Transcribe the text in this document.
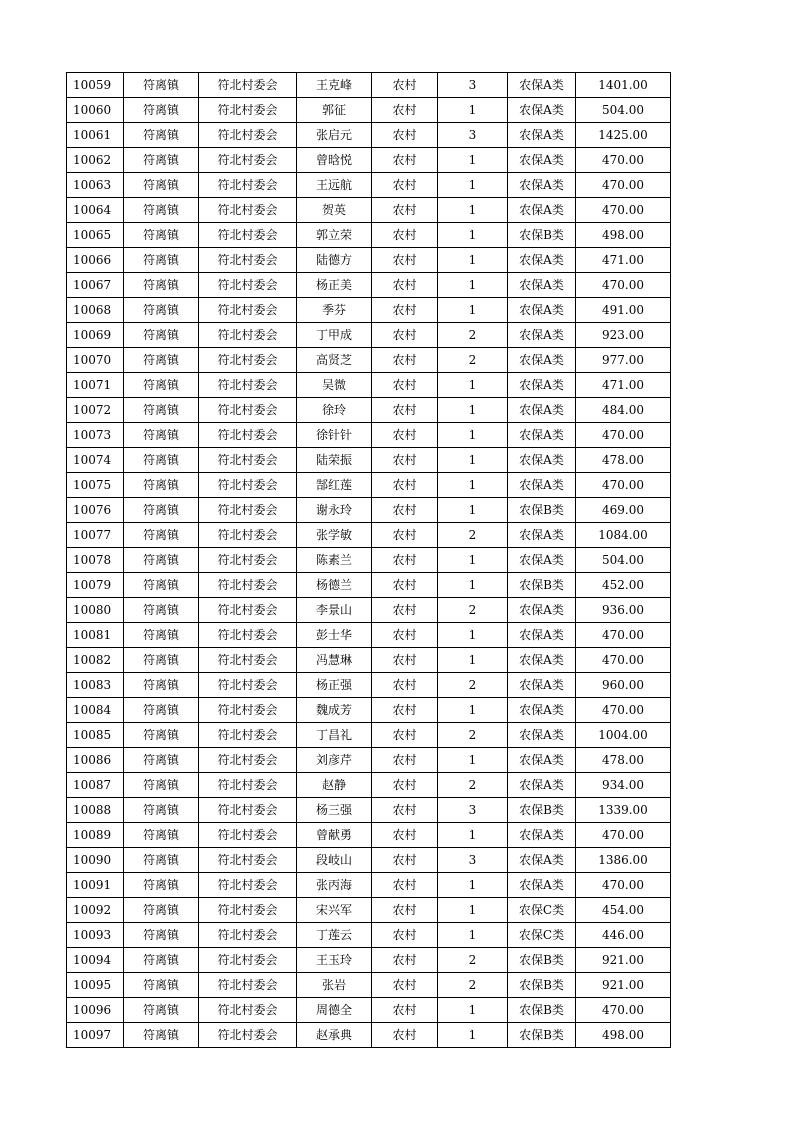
10059	符离镇	符北村委会	王克峰	农村	3	农保A类	1401.00
10060	符离镇	符北村委会	郭征	农村	1	农保A类	504.00
10061	符离镇	符北村委会	张启元	农村	3	农保A类	1425.00
10062	符离镇	符北村委会	曾晗悦	农村	1	农保A类	470.00
10063	符离镇	符北村委会	王远航	农村	1	农保A类	470.00
10064	符离镇	符北村委会	贺英	农村	1	农保A类	470.00
10065	符离镇	符北村委会	郭立荣	农村	1	农保B类	498.00
10066	符离镇	符北村委会	陆德方	农村	1	农保A类	471.00
10067	符离镇	符北村委会	杨正美	农村	1	农保A类	470.00
10068	符离镇	符北村委会	季芬	农村	1	农保A类	491.00
10069	符离镇	符北村委会	丁甲成	农村	2	农保A类	923.00
10070	符离镇	符北村委会	高贤芝	农村	2	农保A类	977.00
10071	符离镇	符北村委会	吴微	农村	1	农保A类	471.00
10072	符离镇	符北村委会	徐玲	农村	1	农保A类	484.00
10073	符离镇	符北村委会	徐针针	农村	1	农保A类	470.00
10074	符离镇	符北村委会	陆荣振	农村	1	农保A类	478.00
10075	符离镇	符北村委会	郜红莲	农村	1	农保A类	470.00
10076	符离镇	符北村委会	谢永玲	农村	1	农保B类	469.00
10077	符离镇	符北村委会	张学敏	农村	2	农保A类	1084.00
10078	符离镇	符北村委会	陈素兰	农村	1	农保A类	504.00
10079	符离镇	符北村委会	杨德兰	农村	1	农保B类	452.00
10080	符离镇	符北村委会	李景山	农村	2	农保A类	936.00
10081	符离镇	符北村委会	彭士华	农村	1	农保A类	470.00
10082	符离镇	符北村委会	冯慧琳	农村	1	农保A类	470.00
10083	符离镇	符北村委会	杨正强	农村	2	农保A类	960.00
10084	符离镇	符北村委会	魏成芳	农村	1	农保A类	470.00
10085	符离镇	符北村委会	丁昌礼	农村	2	农保A类	1004.00
10086	符离镇	符北村委会	刘彦芹	农村	1	农保A类	478.00
10087	符离镇	符北村委会	赵静	农村	2	农保A类	934.00
10088	符离镇	符北村委会	杨三强	农村	3	农保B类	1339.00
10089	符离镇	符北村委会	曾献勇	农村	1	农保A类	470.00
10090	符离镇	符北村委会	段岐山	农村	3	农保A类	1386.00
10091	符离镇	符北村委会	张丙海	农村	1	农保A类	470.00
10092	符离镇	符北村委会	宋兴军	农村	1	农保C类	454.00
10093	符离镇	符北村委会	丁莲云	农村	1	农保C类	446.00
10094	符离镇	符北村委会	王玉玲	农村	2	农保B类	921.00
10095	符离镇	符北村委会	张岩	农村	2	农保B类	921.00
10096	符离镇	符北村委会	周德全	农村	1	农保B类	470.00
10097	符离镇	符北村委会	赵承典	农村	1	农保B类	498.00
